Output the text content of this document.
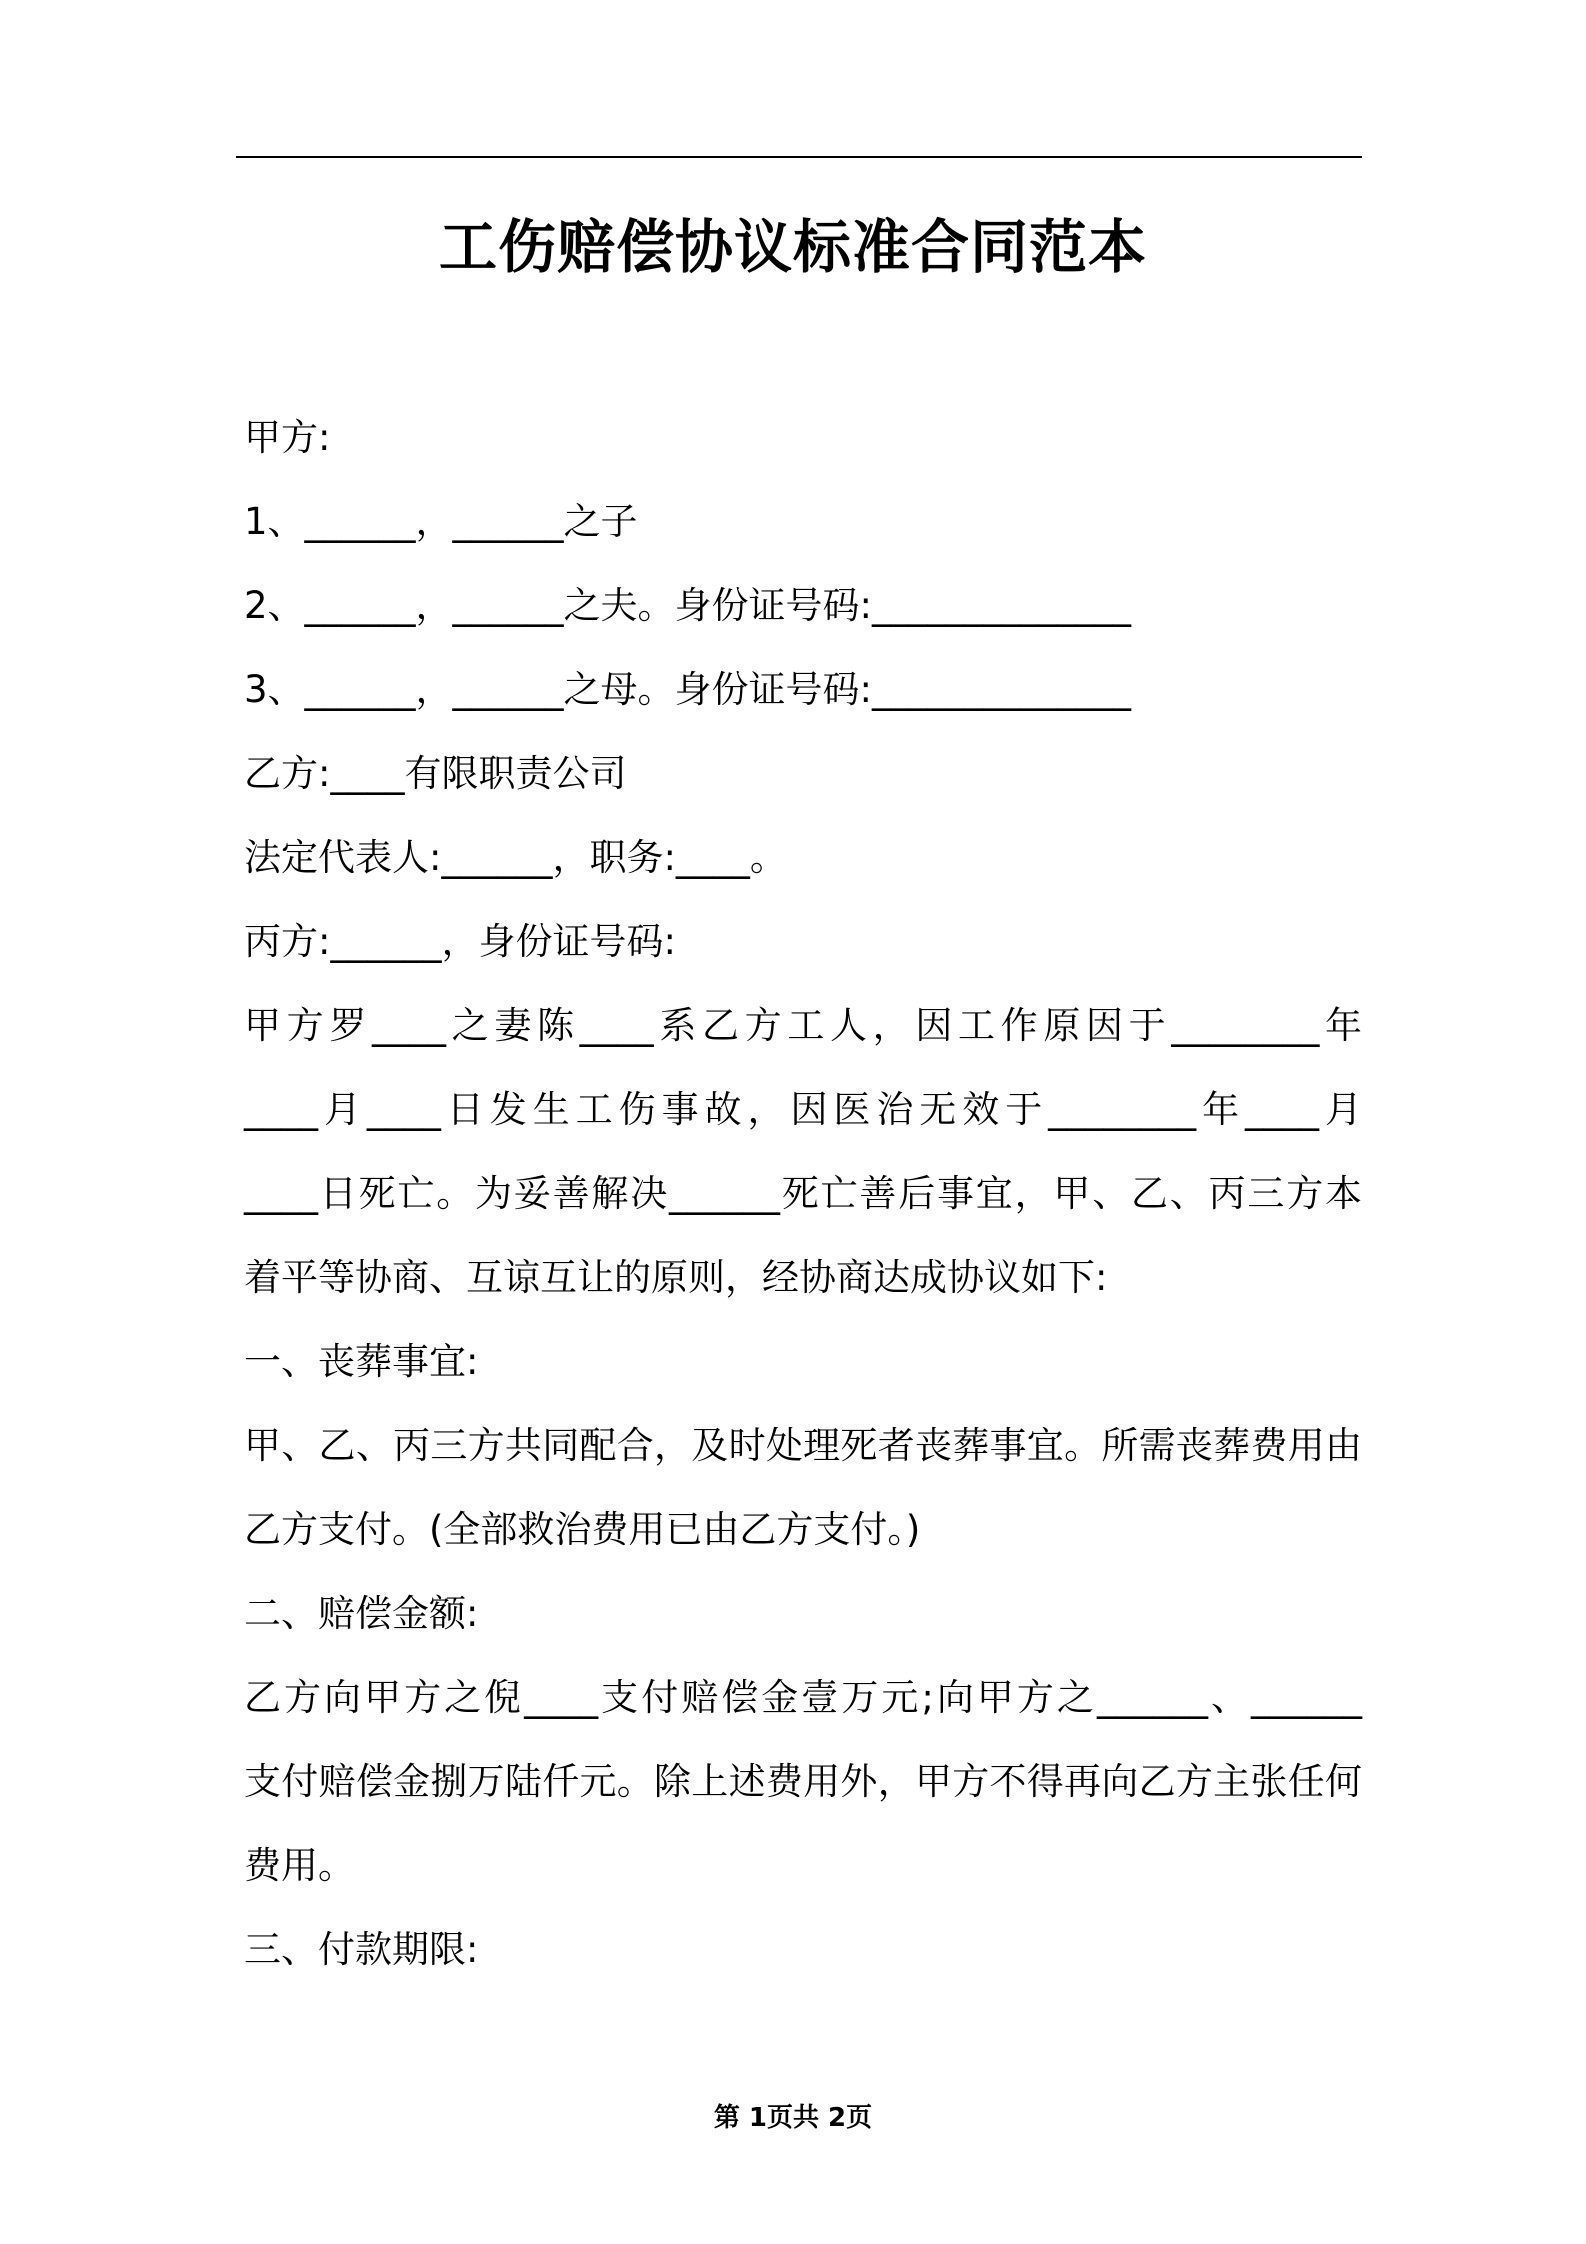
工伤赔偿协议标准合同范本
甲方:
1、______，______之子
2、______，______之夫。身份证号码:______________
3、______，______之母。身份证号码:______________
乙方:____有限职责公司
法定代表人:______，职务:____。
丙方:______，身份证号码:
甲方罗____之妻陈____系乙方工人，因工作原因于________年
____月____日发生工伤事故，因医治无效于________年____月
____日死亡。为妥善解决______死亡善后事宜，甲、乙、丙三方本
着平等协商、互谅互让的原则，经协商达成协议如下:
一、丧葬事宜:
甲、乙、丙三方共同配合，及时处理死者丧葬事宜。所需丧葬费用由
乙方支付。(全部救治费用已由乙方支付。)
二、赔偿金额:
乙方向甲方之倪____支付赔偿金壹万元;向甲方之______、______
支付赔偿金捌万陆仟元。除上述费用外，甲方不得再向乙方主张任何
费用。
三、付款期限:
第 1页共 2页
